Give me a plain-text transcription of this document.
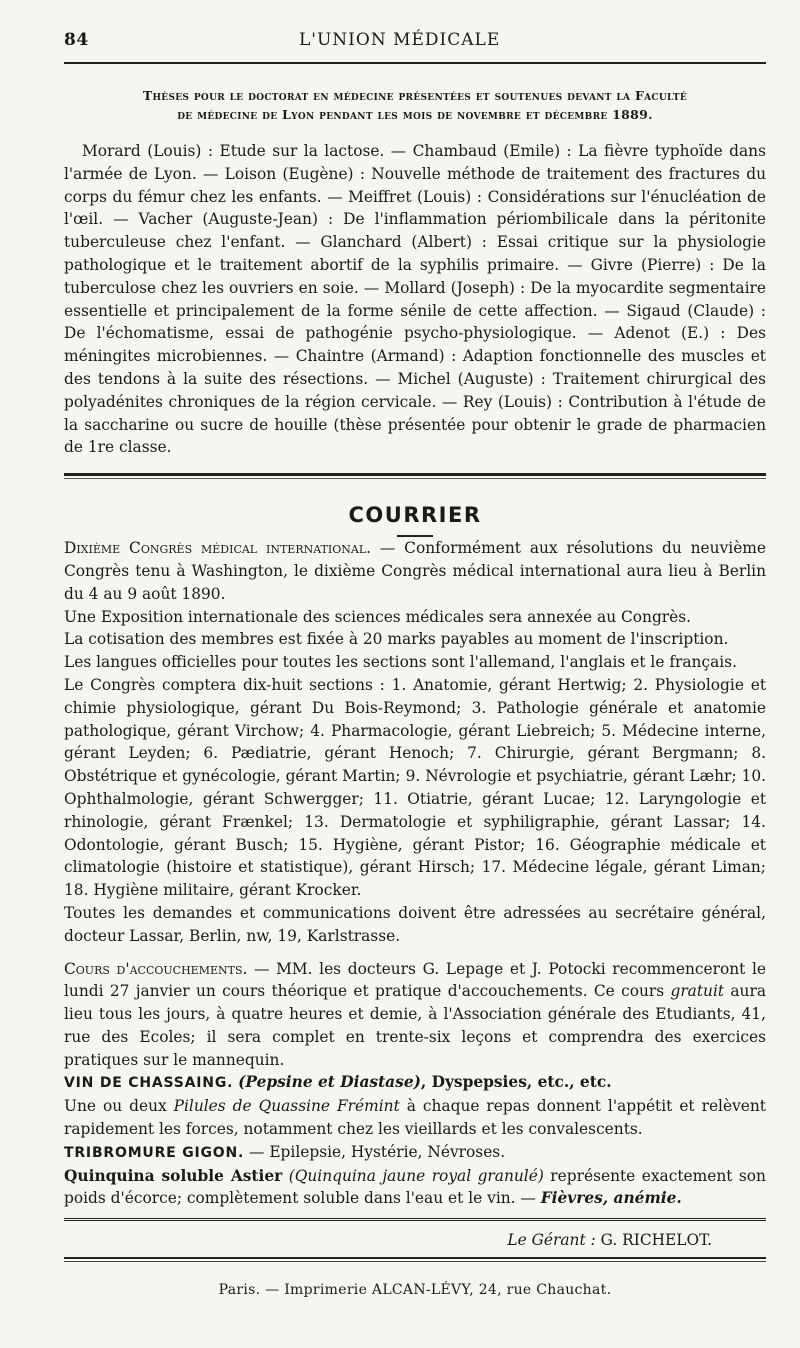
84	L'UNION MÉDICALE
Thèses pour le doctorat en médecine présentées et soutenues devant la Faculté
de médecine de Lyon pendant les mois de novembre et décembre 1889.

Morard (Louis) : Etude sur la lactose. — Chambaud (Emile) : La fièvre typhoïde dans l'armée de Lyon. — Loison (Eugène) : Nouvelle méthode de traitement des fractures du corps du fémur chez les enfants. — Meiffret (Louis) : Considérations sur l'énucléation de l'œil. — Vacher (Auguste-Jean) : De l'inflammation périombilicale dans la péritonite tuberculeuse chez l'enfant. — Glanchard (Albert) : Essai critique sur la physiologie pathologique et le traitement abortif de la syphilis primaire. — Givre (Pierre) : De la tuberculose chez les ouvriers en soie. — Mollard (Joseph) : De la myocardite segmentaire essentielle et principalement de la forme sénile de cette affection. — Sigaud (Claude) : De l'échomatisme, essai de pathogénie psycho-physiologique. — Adenot (E.) : Des méningites microbiennes. — Chaintre (Armand) : Adaption fonctionnelle des muscles et des tendons à la suite des résections. — Michel (Auguste) : Traitement chirurgical des polyadénites chroniques de la région cervicale. — Rey (Louis) : Contribution à l'étude de la saccharine ou sucre de houille (thèse présentée pour obtenir le grade de pharmacien de 1re classe.

COURRIER

Dixième Congrès médical international. — Conformément aux résolutions du neuvième Congrès tenu à Washington, le dixième Congrès médical international aura lieu à Berlin du 4 au 9 août 1890.

Une Exposition internationale des sciences médicales sera annexée au Congrès.

La cotisation des membres est fixée à 20 marks payables au moment de l'inscription.

Les langues officielles pour toutes les sections sont l'allemand, l'anglais et le français.

Le Congrès comptera dix-huit sections : 1. Anatomie, gérant Hertwig; 2. Physiologie et chimie physiologique, gérant Du Bois-Reymond; 3. Pathologie générale et anatomie pathologique, gérant Virchow; 4. Pharmacologie, gérant Liebreich; 5. Médecine interne, gérant Leyden; 6. Pædiatrie, gérant Henoch; 7. Chirurgie, gérant Bergmann; 8. Obstétrique et gynécologie, gérant Martin; 9. Névrologie et psychiatrie, gérant Læhr; 10. Ophthalmologie, gérant Schwergger; 11. Otiatrie, gérant Lucae; 12. Laryngologie et rhinologie, gérant Frænkel; 13. Dermatologie et syphiligraphie, gérant Lassar; 14. Odontologie, gérant Busch; 15. Hygiène, gérant Pistor; 16. Géographie médicale et climatologie (histoire et statistique), gérant Hirsch; 17. Médecine légale, gérant Liman; 18. Hygiène militaire, gérant Krocker.

Toutes les demandes et communications doivent être adressées au secrétaire général, docteur Lassar, Berlin, nw, 19, Karlstrasse.

Cours d'accouchements. — MM. les docteurs G. Lepage et J. Potocki recommenceront le lundi 27 janvier un cours théorique et pratique d'accouchements. Ce cours gratuit aura lieu tous les jours, à quatre heures et demie, à l'Association générale des Etudiants, 41, rue des Ecoles; il sera complet en trente-six leçons et comprendra des exercices pratiques sur le mannequin.

VIN DE CHASSAING. (Pepsine et Diastase), Dyspepsies, etc., etc.

Une ou deux Pilules de Quassine Frémint à chaque repas donnent l'appétit et relèvent rapidement les forces, notamment chez les vieillards et les convalescents.

TRIBROMURE GIGON. — Epilepsie, Hystérie, Névroses.

Quinquina soluble Astier (Quinquina jaune royal granulé) représente exactement son poids d'écorce; complètement soluble dans l'eau et le vin. — Fièvres, anémie.

Le Gérant : G. RICHELOT.
Paris. — Imprimerie ALCAN-LÉVY, 24, rue Chauchat.
